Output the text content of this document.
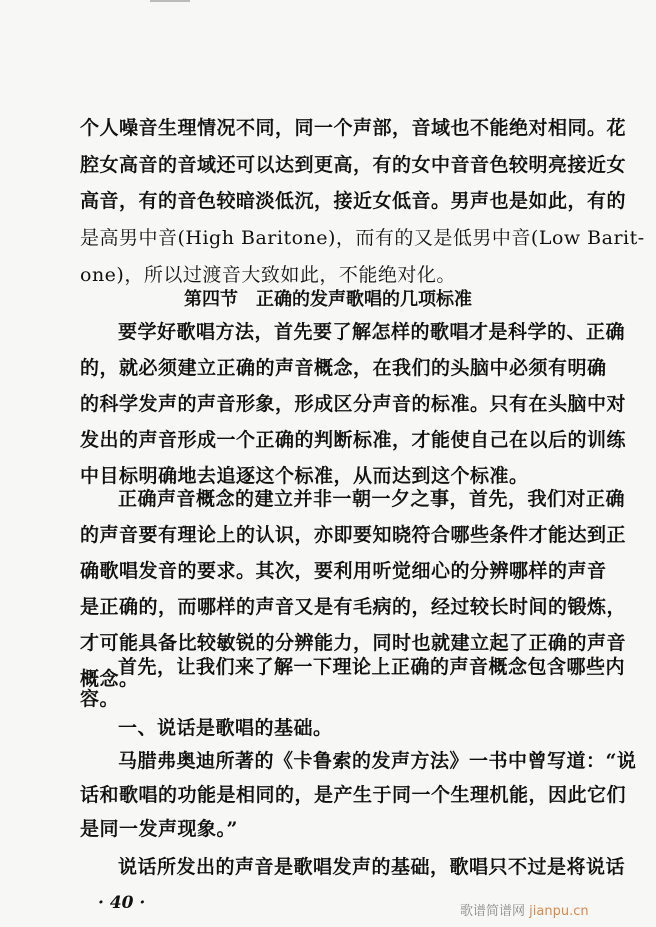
个人噪音生理情况不同，同一个声部，音域也不能绝对相同。花
腔女高音的音域还可以达到更高，有的女中音音色较明亮接近女
高音，有的音色较暗淡低沉，接近女低音。男声也是如此，有的
是高男中音(High Baritone)，而有的又是低男中音(Low Barit-
one)，所以过渡音大致如此，不能绝对化。
第四节　正确的发声歌唱的几项标准
要学好歌唱方法，首先要了解怎样的歌唱才是科学的、正确
的，就必须建立正确的声音概念，在我们的头脑中必须有明确
的科学发声的声音形象，形成区分声音的标准。只有在头脑中对
发出的声音形成一个正确的判断标准，才能使自己在以后的训练
中目标明确地去追逐这个标准，从而达到这个标准。
正确声音概念的建立并非一朝一夕之事，首先，我们对正确
的声音要有理论上的认识，亦即要知晓符合哪些条件才能达到正
确歌唱发音的要求。其次，要利用听觉细心的分辨哪样的声音
是正确的，而哪样的声音又是有毛病的，经过较长时间的锻炼，
才可能具备比较敏锐的分辨能力，同时也就建立起了正确的声音
概念。
首先，让我们来了解一下理论上正确的声音概念包含哪些内
容。
一、说话是歌唱的基础。
马腊弗奥迪所著的《卡鲁索的发声方法》一书中曾写道：“说
话和歌唱的功能是相同的，是产生于同一个生理机能，因此它们
是同一发声现象。”
说话所发出的声音是歌唱发声的基础，歌唱只不过是将说话
· 40 ·	歌谱简谱网 jianpu.cn
